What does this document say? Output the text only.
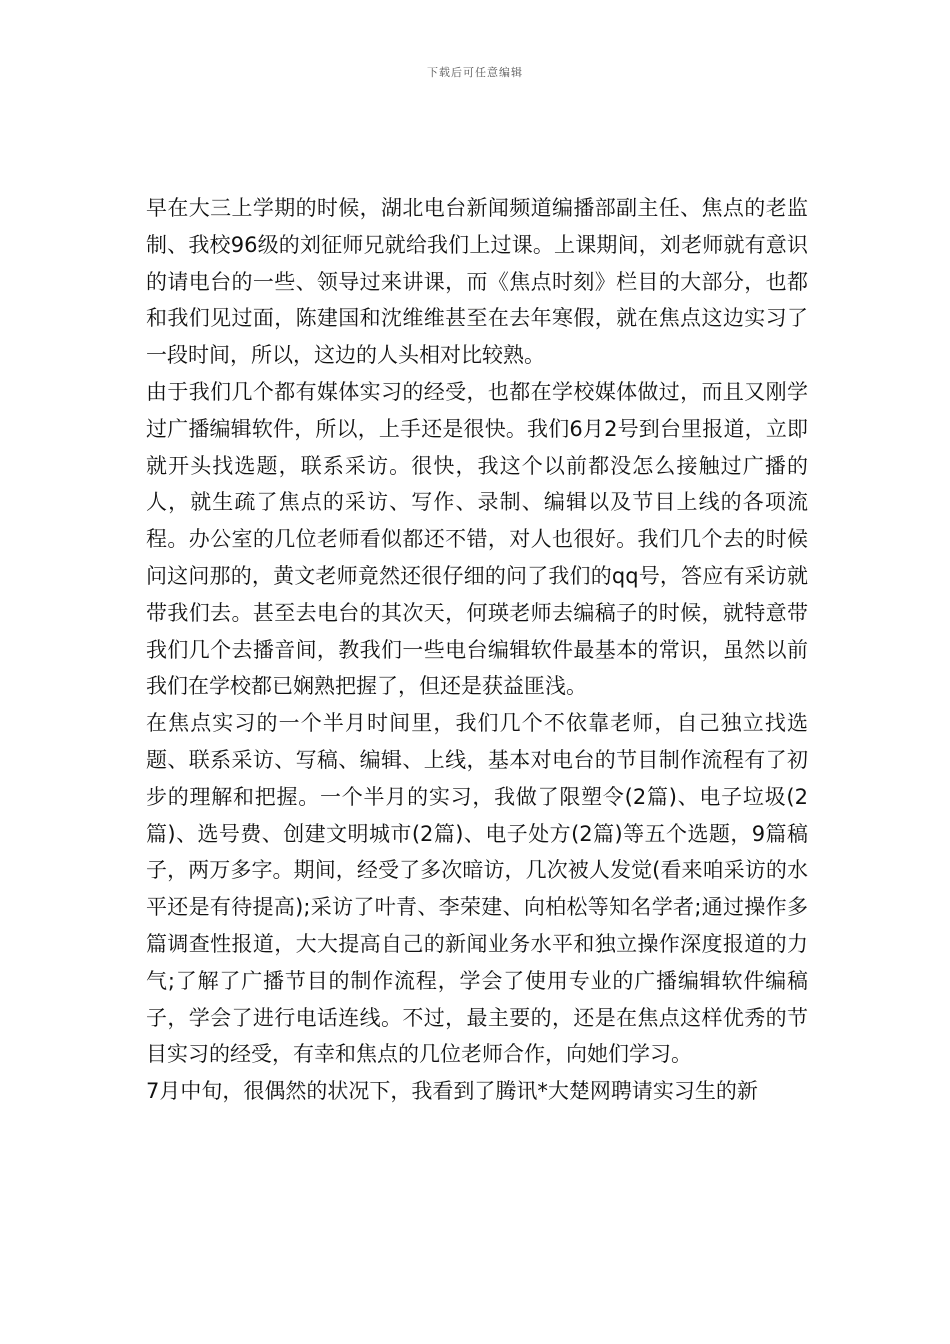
下载后可任意编辑

早在大三上学期的时候，湖北电台新闻频道编播部副主任、焦点的老监制、我校96级的刘征师兄就给我们上过课。上课期间，刘老师就有意识的请电台的一些、领导过来讲课，而《焦点时刻》栏目的大部分，也都和我们见过面，陈建国和沈维维甚至在去年寒假，就在焦点这边实习了一段时间，所以，这边的人头相对比较熟。

由于我们几个都有媒体实习的经受，也都在学校媒体做过，而且又刚学过广播编辑软件，所以，上手还是很快。我们6月2号到台里报道，立即就开头找选题，联系采访。很快，我这个以前都没怎么接触过广播的人，就生疏了焦点的采访、写作、录制、编辑以及节目上线的各项流程。办公室的几位老师看似都还不错，对人也很好。我们几个去的时候问这问那的，黄文老师竟然还很仔细的问了我们的qq号，答应有采访就带我们去。甚至去电台的其次天，何瑛老师去编稿子的时候，就特意带我们几个去播音间，教我们一些电台编辑软件最基本的常识，虽然以前我们在学校都已娴熟把握了，但还是获益匪浅。

在焦点实习的一个半月时间里，我们几个不依靠老师，自己独立找选题、联系采访、写稿、编辑、上线，基本对电台的节目制作流程有了初步的理解和把握。一个半月的实习，我做了限塑令(2篇)、电子垃圾(2篇)、选号费、创建文明城市(2篇)、电子处方(2篇)等五个选题，9篇稿子，两万多字。期间，经受了多次暗访，几次被人发觉(看来咱采访的水平还是有待提高);采访了叶青、李荣建、向柏松等知名学者;通过操作多篇调查性报道，大大提高自己的新闻业务水平和独立操作深度报道的力气;了解了广播节目的制作流程，学会了使用专业的广播编辑软件编稿子，学会了进行电话连线。不过，最主要的，还是在焦点这样优秀的节目实习的经受，有幸和焦点的几位老师合作，向她们学习。

7月中旬，很偶然的状况下，我看到了腾讯*大楚网聘请实习生的新
